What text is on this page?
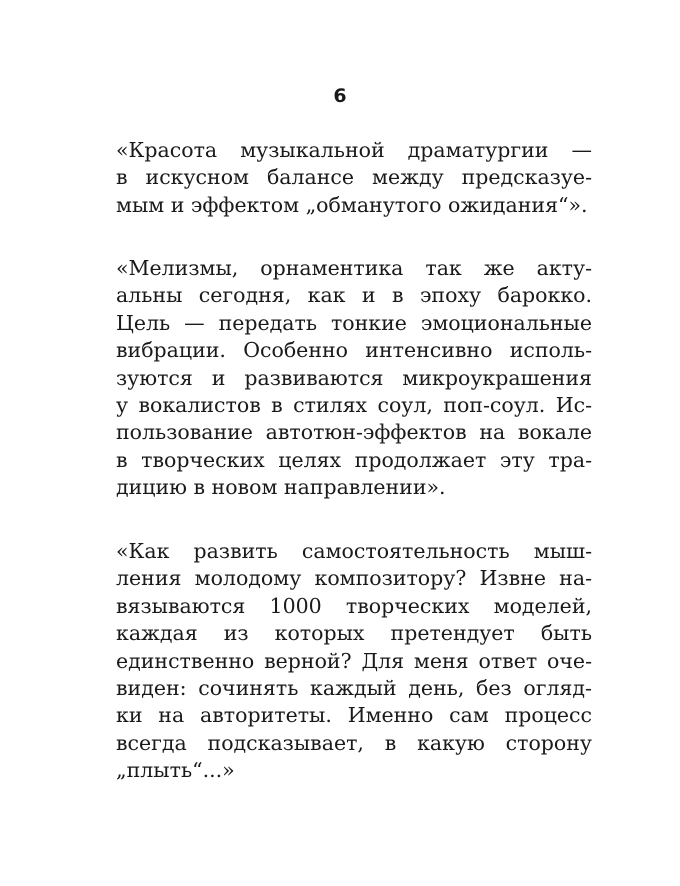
6
«Красота музыкальной драматургии —
в искусном балансе между предсказуе-
мым и эффектом „обманутого ожидания“».
«Мелизмы, орнаментика так же акту-
альны сегодня, как и в эпоху барокко.
Цель — передать тонкие эмоциональные
вибрации. Особенно интенсивно исполь-
зуются и развиваются микроукрашения
у вокалистов в стилях соул, поп-соул. Ис-
пользование автотюн-эффектов на вокале
в творческих целях продолжает эту тра-
дицию в новом направлении».
«Как развить самостоятельность мыш-
ления молодому композитору? Извне на-
вязываются 1000 творческих моделей,
каждая из которых претендует быть
единственно верной? Для меня ответ оче-
виден: сочинять каждый день, без огляд-
ки на авторитеты. Именно сам процесс
всегда подсказывает, в какую сторону
„плыть“...»
